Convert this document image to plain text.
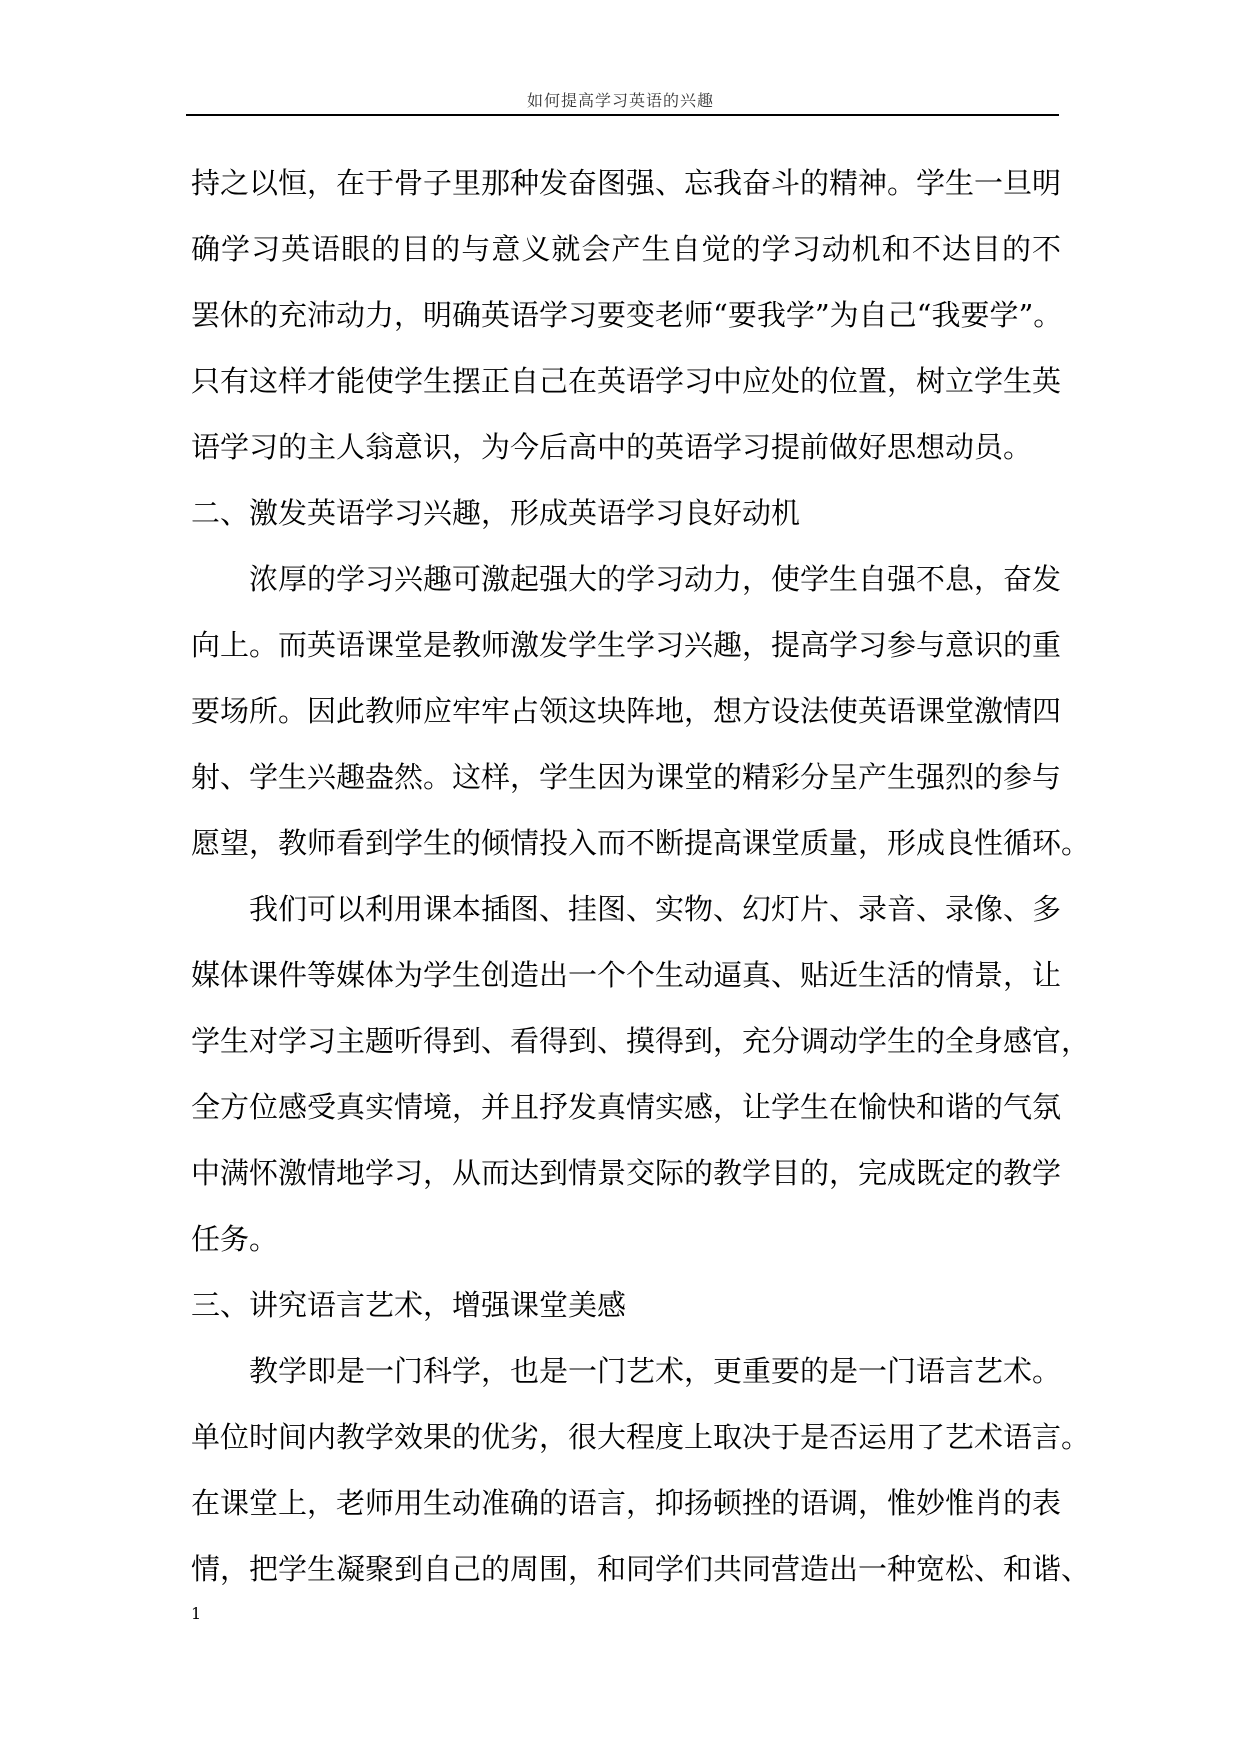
如何提高学习英语的兴趣
持之以恒，在于骨子里那种发奋图强、忘我奋斗的精神。学生一旦明
确学习英语眼的目的与意义就会产生自觉的学习动机和不达目的不
罢休的充沛动力，明确英语学习要变老师“要我学”为自己“我要学”。
只有这样才能使学生摆正自己在英语学习中应处的位置，树立学生英
语学习的主人翁意识，为今后高中的英语学习提前做好思想动员。
二、激发英语学习兴趣，形成英语学习良好动机
浓厚的学习兴趣可激起强大的学习动力，使学生自强不息，奋发
向上。而英语课堂是教师激发学生学习兴趣，提高学习参与意识的重
要场所。因此教师应牢牢占领这块阵地，想方设法使英语课堂激情四
射、学生兴趣盎然。这样，学生因为课堂的精彩分呈产生强烈的参与
愿望，教师看到学生的倾情投入而不断提高课堂质量，形成良性循环。
我们可以利用课本插图、挂图、实物、幻灯片、录音、录像、多
媒体课件等媒体为学生创造出一个个生动逼真、贴近生活的情景，让
学生对学习主题听得到、看得到、摸得到，充分调动学生的全身感官，
全方位感受真实情境，并且抒发真情实感，让学生在愉快和谐的气氛
中满怀激情地学习，从而达到情景交际的教学目的，完成既定的教学
任务。
三、讲究语言艺术，增强课堂美感
教学即是一门科学，也是一门艺术，更重要的是一门语言艺术。
单位时间内教学效果的优劣，很大程度上取决于是否运用了艺术语言。
在课堂上，老师用生动准确的语言，抑扬顿挫的语调，惟妙惟肖的表
情，把学生凝聚到自己的周围，和同学们共同营造出一种宽松、和谐、
1
